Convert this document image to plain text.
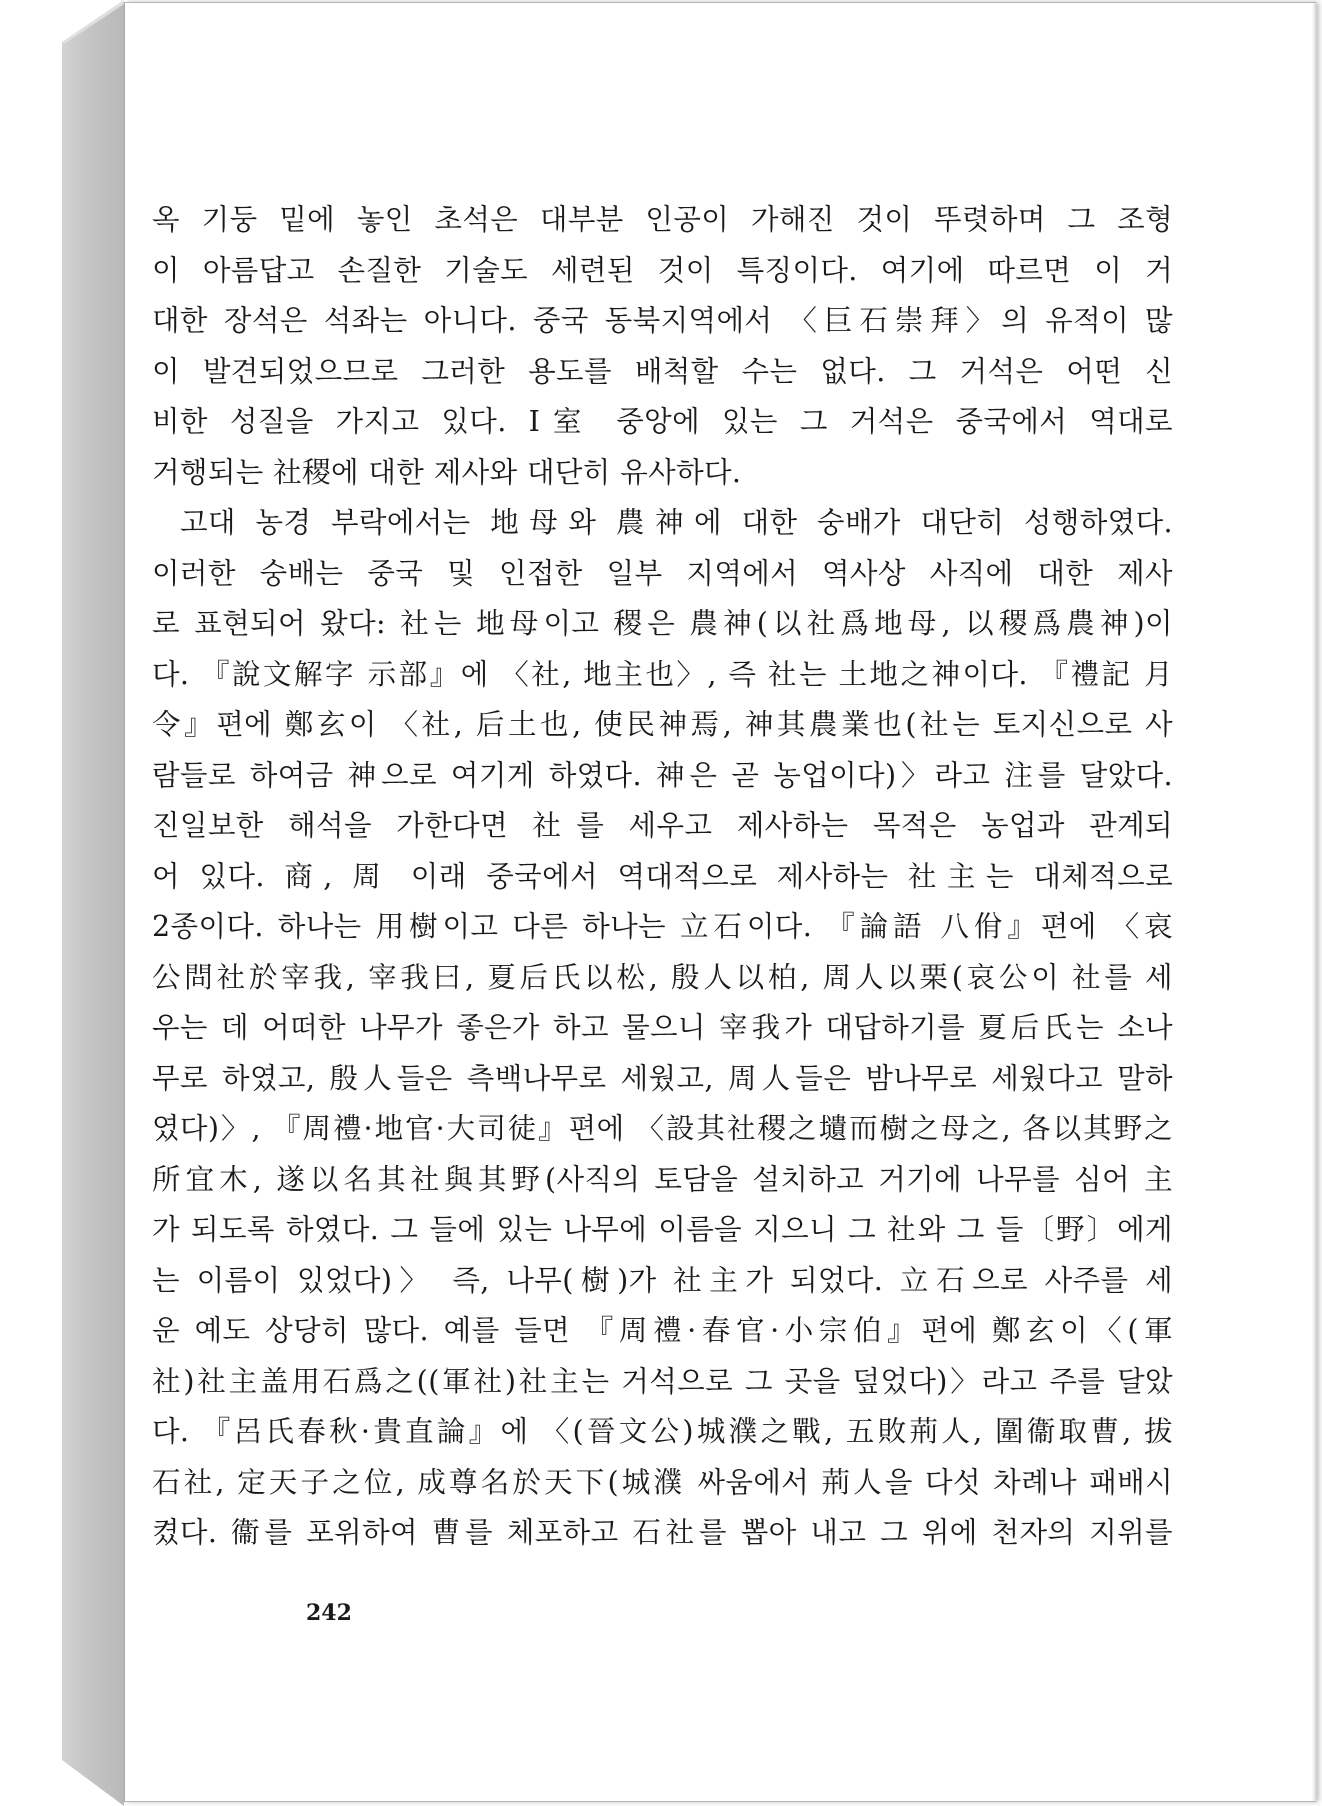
옥 기둥 밑에 놓인 초석은 대부분 인공이 가해진 것이 뚜렷하며 그 조형
이 아름답고 손질한 기술도 세련된 것이 특징이다. 여기에 따르면 이 거
대한 장석은 석좌는 아니다. 중국 동북지역에서 〈巨石崇拜〉의 유적이 많
이 발견되었으므로 그러한 용도를 배척할 수는 없다. 그 거석은 어떤 신
비한 성질을 가지고 있다. I室 중앙에 있는 그 거석은 중국에서 역대로
거행되는 社稷에 대한 제사와 대단히 유사하다.
고대 농경 부락에서는 地母와 農神에 대한 숭배가 대단히 성행하였다.
이러한 숭배는 중국 및 인접한 일부 지역에서 역사상 사직에 대한 제사
로 표현되어 왔다: 社는 地母이고 稷은 農神(以社爲地母, 以稷爲農神)이
다. 『說文解字 示部』에 〈社, 地主也〉, 즉 社는 土地之神이다. 『禮記 月
令』편에 鄭玄이 〈社, 后土也, 使民神焉, 神其農業也(社는 토지신으로 사
람들로 하여금 神으로 여기게 하였다. 神은 곧 농업이다)〉라고 注를 달았다.
진일보한 해석을 가한다면 社를 세우고 제사하는 목적은 농업과 관계되
어 있다. 商, 周 이래 중국에서 역대적으로 제사하는 社主는 대체적으로
2종이다. 하나는 用樹이고 다른 하나는 立石이다. 『論語 八佾』편에 〈哀
公問社於宰我, 宰我曰, 夏后氏以松, 殷人以柏, 周人以栗(哀公이 社를 세
우는 데 어떠한 나무가 좋은가 하고 물으니 宰我가 대답하기를 夏后氏는 소나
무로 하였고, 殷人들은 측백나무로 세웠고, 周人들은 밤나무로 세웠다고 말하
였다)〉, 『周禮·地官·大司徒』편에 〈設其社稷之壝而樹之母之, 各以其野之
所宜木, 遂以名其社與其野(사직의 토담을 설치하고 거기에 나무를 심어 主
가 되도록 하였다. 그 들에 있는 나무에 이름을 지으니 그 社와 그 들〔野〕에게
는 이름이 있었다)〉 즉, 나무(樹)가 社主가 되었다. 立石으로 사주를 세
운 예도 상당히 많다. 예를 들면 『周禮·春官·小宗伯』편에 鄭玄이〈(軍
社)社主盖用石爲之((軍社)社主는 거석으로 그 곳을 덮었다)〉라고 주를 달았
다. 『呂氏春秋·貴直論』에 〈(晉文公)城濮之戰, 五敗荊人, 圍衞取曹, 拔
石社, 定天子之位, 成尊名於天下(城濮 싸움에서 荊人을 다섯 차례나 패배시
켰다. 衞를 포위하여 曹를 체포하고 石社를 뽑아 내고 그 위에 천자의 지위를
242
